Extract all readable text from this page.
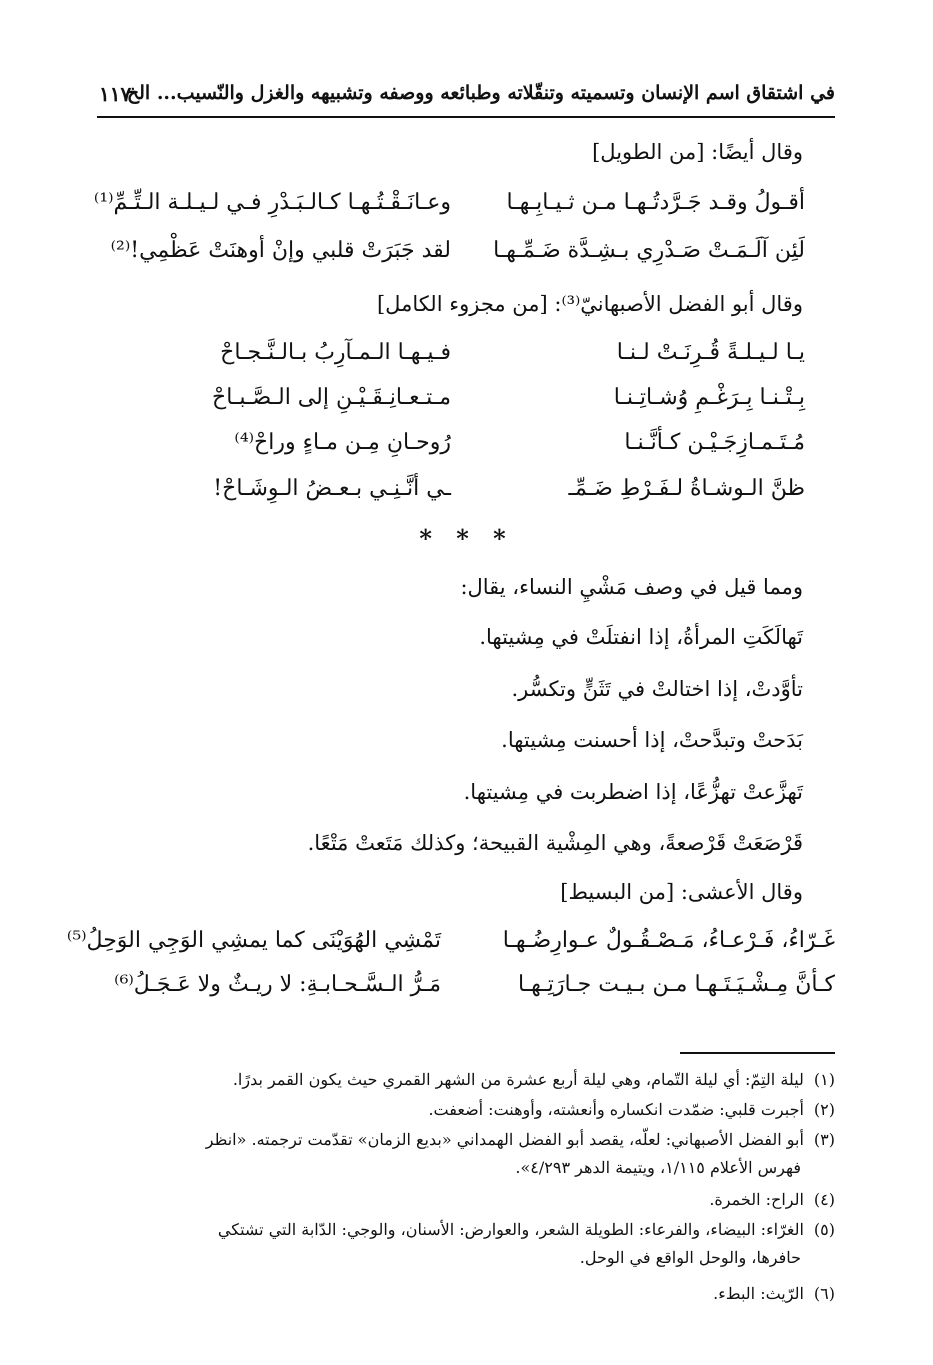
في اشتقاق اسم الإنسان وتسميته وتنقّلاته وطبائعه ووصفه وتشبيهه والغزل والنّسيب... الخ
١١٧
وقال أيضًا: [من الطويل]
أقـولُ وقـد جَـرَّدتُـهـا مـن ثـيـابِـهـا
وعـانَـقْـتُـهـا كـالـبَـدْرِ فـي لـيـلـة الـتِّـمِّ⁽¹⁾
لَئِن آلَـمَـتْ صَـدْرِي بـشِـدَّة ضَـمِّـهـا
لقد جَبَرَتْ قلبي وإنْ أوهنَتْ عَظْمِي!⁽²⁾
وقال أبو الفضل الأصبهانيّ⁽³⁾: [من مجزوء الكامل]
يـا لـيـلـةً قُـرِنَـتْ لـنـا
فـيـهـا الـمـآرِبُ بـالـنَّـجـاحْ
بِـتْـنـا بِـرَغْـمِ وُشـاتِـنـا
مـتـعـانِـقَـيْـنِ إلى الـصَّـبـاحْ
مُـتَـمـازِجَـيْـن كـأنَّـنـا
رُوحـانِ مِـن مـاءٍ وراحْ⁽⁴⁾
ظنَّ الـوشـاةُ لـفَـرْطِ ضَـمِّـ
ـي أنَّـنِـي بـعـضُ الـوِشَـاحْ!
* * *
ومما قيل في وصف مَشْيِ النساء، يقال:
تَهالَكَتِ المرأةُ، إذا انفتلَتْ في مِشيتها.
تأوَّدتْ، إذا اختالتْ في تَثَنٍّ وتكسُّر.
بَدَحتْ وتبدَّحتْ، إذا أحسنت مِشيتها.
تَهزَّعتْ تهزُّعًا، إذا اضطربت في مِشيتها.
قَرْصَعَتْ قَرْصعةً، وهي المِشْية القبيحة؛ وكذلك مَتَعتْ مَتْعًا.
وقال الأعشى: [من البسيط]
غَـرّاءُ، فَـرْعـاءُ، مَـصْـقُـولٌ عـوارِضُـهـا
تَمْشِي الهُوَيْنَى كما يمشِي الوَجِي الوَحِلُ⁽⁵⁾
كـأنَّ مِـشْـيَـتَـهـا مـن بـيـت جـارَتِـهـا
مَـرُّ الـسَّـحـابـةِ: لا ريـثٌ ولا عَـجَـلُ⁽⁶⁾
(١)ليلة التِمّ: أي ليلة التّمام، وهي ليلة أربع عشرة من الشهر القمري حيث يكون القمر بدرًا.
(٢)أجبرت قلبي: ضمّدت انكساره وأنعشته، وأوهنت: أضعفت.
(٣)أبو الفضل الأصبهاني: لعلّه، يقصد أبو الفضل الهمداني «بديع الزمان» تقدّمت ترجمته. «انظر
فهرس الأعلام ١/١١٥، ويتيمة الدهر ٤/٢٩٣».
(٤)الراح: الخمرة.
(٥)الغرّاء: البيضاء، والفرعاء: الطويلة الشعر، والعوارض: الأسنان، والوجي: الدّابة التي تشتكي
حافرها، والوحل الواقع في الوحل.
(٦)الرّيث: البطء.
